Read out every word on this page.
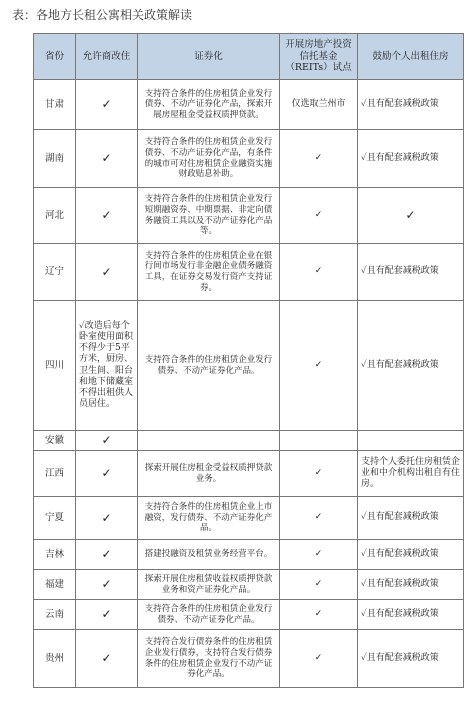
表：各地方长租公寓相关政策解读
省份	允许商改住	证券化	开展房地产投资信托基金（REITs）试点	鼓励个人出租住房
甘肃	✓	支持符合条件的住房租赁企业发行债券、不动产证券化产品，探索开展房屋租金受益权质押贷款。	仅选取兰州市	✓且有配套减税政策
湖南	✓	支持符合条件的住房租赁企业发行债券、不动产证券化产品，有条件的城市可对住房租赁企业融资实施财政贴息补助。	✓	✓且有配套减税政策
河北	✓	支持符合条件的住房租赁企业发行短期融资券、中期票据、非定向债务融资工具以及不动产证券化产品等。	✓	✓
辽宁	✓	支持符合条件的住房租赁企业在银行间市场发行非金融企业债务融资工具，在证券交易发行资产支持证券。	✓	✓且有配套减税政策
四川	✓改造后每个卧室使用面积不得少于5平方米，厨房、卫生间、阳台和地下储藏室不得出租供人员居住。	支持符合条件的住房租赁企业发行债券、不动产证券化产品。	✓	✓且有配套减税政策
安徽	✓			
江西	✓	探索开展住房租金受益权质押贷款业务。	✓	支持个人委托住房租赁企业和中介机构出租自有住房。
宁夏	✓	支持符合条件的住房租赁企业上市融资，发行债券、不动产证券化产品。	✓	✓且有配套减税政策
吉林	✓	搭建投融资及租赁业务经营平台。	✓	✓且有配套减税政策
福建	✓	探索开展住房租赁收益权质押贷款业务和资产证券化产品。	✓	✓且有配套减税政策
云南	✓	支持符合条件的住房租赁企业发行债券、不动产证券化产品。	✓	✓且有配套减税政策
贵州	✓	支持符合发行债券条件的住房租赁企业发行债券，支持符合发行债券条件的住房租赁企业发行不动产证券化产品。	✓	✓且有配套减税政策
